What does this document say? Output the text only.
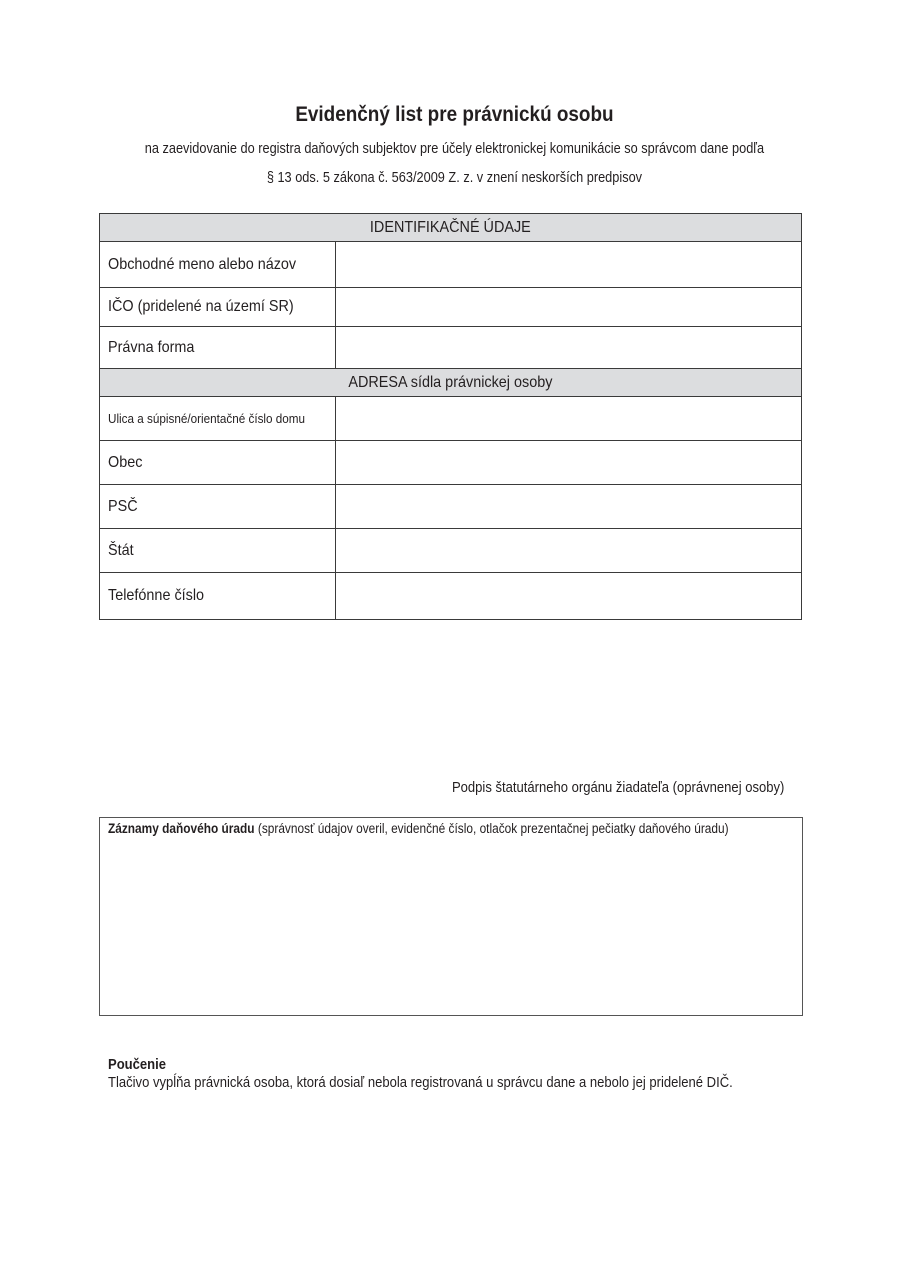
Evidenčný list pre právnickú osobu
na zaevidovanie do registra daňových subjektov pre účely elektronickej komunikácie so správcom dane podľa
§ 13 ods. 5 zákona č. 563/2009 Z. z. v znení neskorších predpisov
IDENTIFIKAČNÉ ÚDAJE	
Obchodné meno alebo názov	
IČO (pridelené na území SR)	
Právna forma	
ADRESA sídla právnickej osoby	
Ulica a súpisné/orientačné číslo domu	
Obec	
PSČ	
Štát	
Telefónne číslo	
Podpis štatutárneho orgánu žiadateľa (oprávnenej osoby)
Záznamy daňového úradu (správnosť údajov overil, evidenčné číslo, otlačok prezentačnej pečiatky daňového úradu)
Poučenie
Tlačivo vypĺňa právnická osoba, ktorá dosiaľ nebola registrovaná u správcu dane a nebolo jej pridelené DIČ.
